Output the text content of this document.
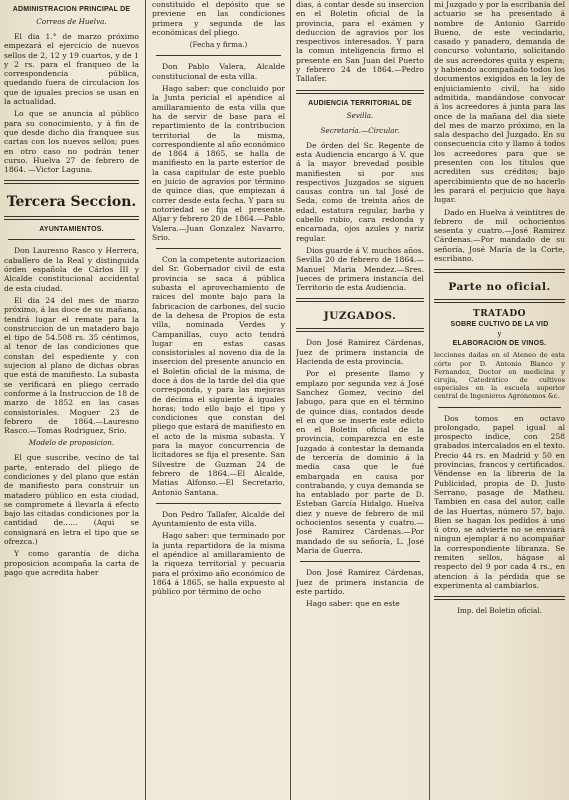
ADMINISTRACION PRINCIPAL DE
Correos de Huelva.

El dia 1.° de marzo próximo empezará el ejercicio de nuevos sellos de 2, 12 y 19 cuartos, y de 1 y 2 rs. para el franqueo de la correspondencia pública, quedando fuera de circulacion los que de iguales precios se usan en la actualidad.

Lo que se anuncia al público para su conocimiento, y á fin de que desde dicho dia franquee sus cartas con los nuevos sellos; pues en otro caso no podrán tener curso. Huelva 27 de febrero de 1864. —Victor Laguna.

Tercera Seccion.
AYUNTAMIENTOS.

Don Lauresno Rasco y Herrera, caballero de la Real y distinguida órden española de Cárlos III y Alcalde constitucional accidental de esta ciudad.

El dia 24 del mes de marzo próximo, á las doce de su mañana, tendrá lugar el remate para la construccion de un matadero bajo el tipo de 54.508 rs. 35 céntimos, al tenor de las condiciones que constan del espediente y con sujecion al plano de dichas obras que está de manifiesto. La subasta se verificará en pliego cerrado conforme á la Instruccion de 18 de marzo de 1852 en las casas consistoriales. Moguer 23 de febrero de 1864.—Lauresno Rasco.—Tomas Rodriguez, Srio.

Modelo de proposicion.

El que suscribe, vecino de tal parte, enterado del pliego de condiciones y del plano que están de manifiesto para construir un matadero público en esta ciudad, se compromete á llevarla á efecto bajo las citadas condiciones por la cantidad de...... (Aqui se consignará en letra el tipo que se ofrezca.)

Y como garantía de dicha proposicion acompaña la carta de pago que acredita haber

constituido el depósito que se previene en las condiciones primera y segunda de las económicas del pliego.

(Fecha y firma.)

Don Pablo Valera, Alcalde constitucional de esta villa.

Hago saber: que concluido por la Junta pericial el apéndice al amillaramiento de esta villa que ha de servir de base para el repartimiento de la contribucion territorial de la misma, correspondiente al año económico de 1864 á 1865, se halla de manifiesto en la parte esterior de la casa capitular de este pueblo en juicio de agravios por término de quince dias, que empiezan á correr desde esta fecha. Y para su notoriedad se fija el presente. Aljar y febrero 20 de 1864.—Pablo Valera.—Juan Gonzalez Navarro, Srio.

Con la competente autorizacion del Sr. Gobernador civil de esta provincia se saca á pública subasta el aprovechamiento de raices del monte bajo para la fabricacion de carbones, del sucio de la dehesa de Propios de esta villa, nominada Verdes y Campanillas, cuyo acto tendrá lugar en estas casas consistoriales al noveno dia de la insercion del presente anuncio en el Boletin oficial de la misma, de doce á dos de la tarde del dia que corresponda, y para las mejoras de décima el siguiente á iguales horas; todo ello bajo el tipo y condiciones que constan del pliego que estará de manifiesto en el acto de la misma subasta. Y para la mayor concurrencia de licitadores se fija el presente. San Silvestre de Guzman 24 de febrero de 1864.—El Alcalde, Matias Alfonso.—El Secretario, Antonio Santana.

Don Pedro Tallafer, Alcalde del Ayuntamiento de esta villa.

Hago saber: que terminado por la junta repartidora de la misma el apéndice al amillaramiento de la riqueza territorial y pecuaria para el próximo año económico de 1864 á 1865, se halla expuesto al público por término de ocho

dias, á contar desde su insercion en el Boletin oficial de la provincia, para el exámen y deduccion de agravios por los respectivos interesados. Y para la comun inteligencia firmo el presente en San Juan del Puerto y febrero 24 de 1864.—Pedro Tallafer.

AUDIENCIA TERRITORIAL DE
Sevilla.
Secretaría.—Circular.

De órden del Sr. Regente de esta Audiencia encargo á V. que á la mayor brevedad posible manifiesten si por sus respectivos Juzgados se siguen causas contra un tal José de Seda, como de treinta años de edad, estatura regular, barba y cabello rubio, cara redonda y encarnada, ojos azules y nariz regular.

Dios guarde á V. muchos años. Sevilla 20 de febrero de 1864.—Manuel Maria Mendez.—Sres. Jueces de primera instancia del Territorio de esta Audiencia.

JUZGADOS.

Don José Ramirez Cárdenas, Juez de primera instancia de Hacienda de esta provincia.

Por el presente llamo y emplazo por segunda vez á José Sanchez Gomez, vecino del Jabugo, para que en el término de quince dias, contados desde el en que se inserte este edicto en el Boletin oficial de la provincia, comparezca en este Juzgado á contestar la demanda de tercería de dominio á la media casa que le fué embargada en causa por contrabando, y cuya demanda se ha entablado por parte de D. Esteban García Hidalgo. Huelva diez y nueve de febrero de mil ochocientos sesenta y cuatro.—José Ramirez Cárdenas.—Por mandado de su señoría, L. José Maria de Guerra.

Don José Ramirez Cárdenas, Juez de primera instancia de este partido.

Hago saber: que en este

mi Juzgado y por la escribanía del actuario se ha presentado á nombre de Antonio Garrido Bueno, de este vecindario, casado y panadero, demanda de concurso voluntario, solicitando de sus acreedores quita y espera; y habiendo acompañado todos los documentos exigidos en la ley de enjuiciamiento civil, ha sido admitida, mandándose convocar á los acreedores á junta para las once de la mañana del dia siete del mes de marzo próximo, en la sala despacho del Juzgado. En su consecuencia cito y llamo á todos los acreedores para que se presenten con los títulos que acrediten sus créditos; bajo apercibimiento que de no hacerlo les parará el perjuicio que haya lugar.

Dado en Huelva á veintitres de febrero de mil ochocientos sesenta y cuatro.—José Ramirez Cárdenas.—Por mandado de su señoría, José María de la Corte, escribano.

Parte no oficial.
TRATADO
SOBRE CULTIVO DE LA VID
y
ELABORACION DE VINOS.

lecciones dadas en el Ateneo de esta córte por D. Antonio Blanco y Fernandez, Doctor en medicina y cirujia, Catedrático de cultivos especiales en la escuela superior central de Ingenieros Agrónomos &c.

Dos tomos en octavo prolongado, papel igual al prospecto indice, con 258 grabados intercalados en el texto. Precio 44 rs. en Madrid y 50 en provincias, francos y certificados. Véndense en la libreria de la Publicidad, propia de D. Justo Serrano, pasage de Matheu. Tambien en casa del autor, calle de las Huertas, número 57, bajo. Bien se hagan los pedidos á uno ú otro, se advierte no se enviará ningun ejemplar á no acompañar la correspondiente libranza. Se remiten sellos, hágase al respecto del 9 por cada 4 rs., en atencion á la pérdida que se experimenta al cambiarlos.

Imp. del Boletin oficial.
